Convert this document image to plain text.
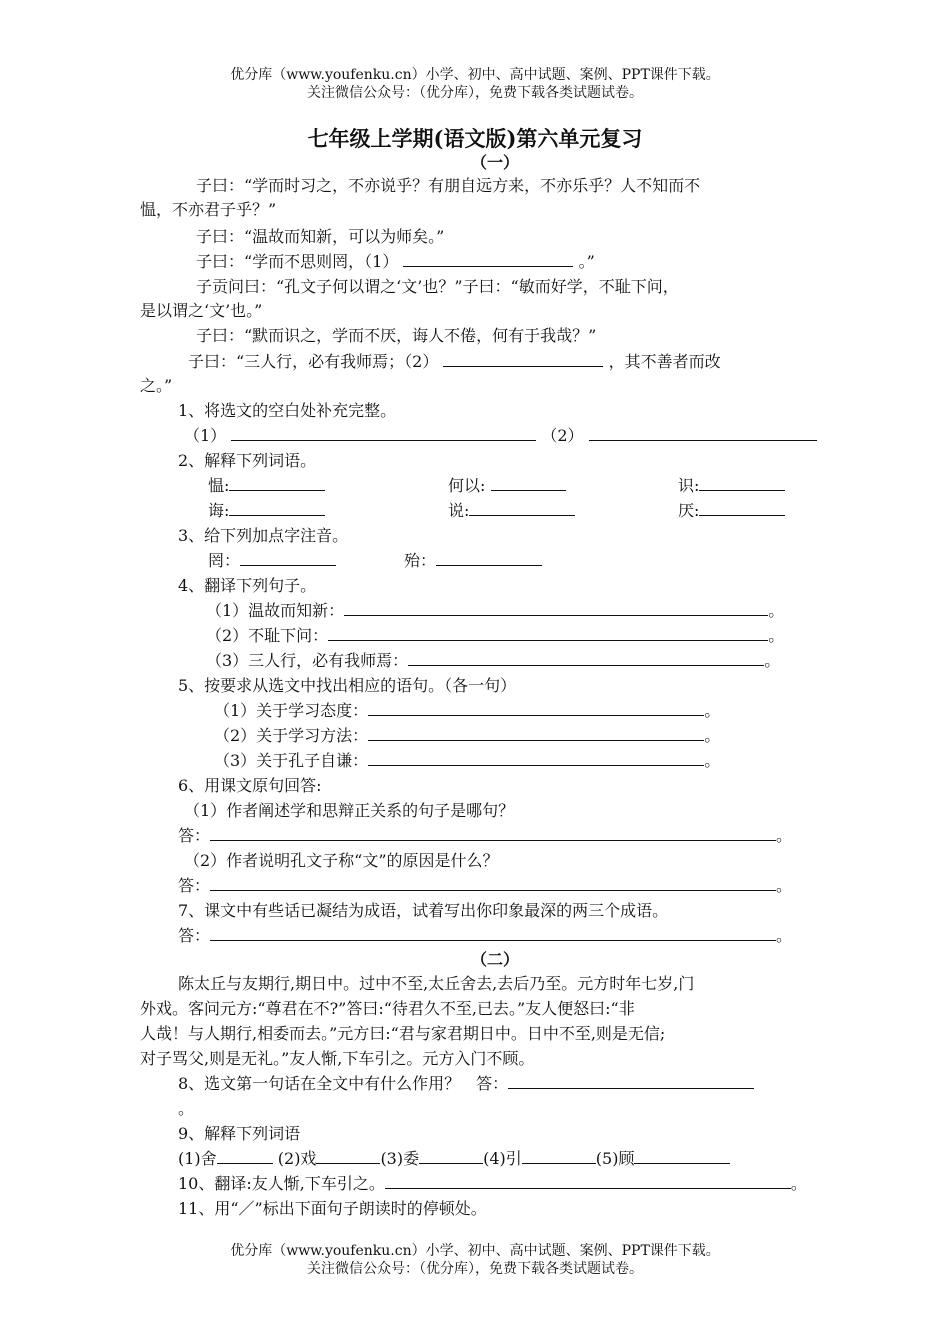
优分库（www.youfenku.cn）小学、初中、高中试题、案例、PPT课件下载。
关注微信公众号：（优分库），免费下载各类试题试卷。
七年级上学期(语文版)第六单元复习
（一）
子曰：“学而时习之，不亦说乎？有朋自远方来，不亦乐乎？人不知而不
愠，不亦君子乎？”
子曰：“温故而知新，可以为师矣。”
子曰：“学而不思则罔，（1）	。”
子贡问曰：“孔文子何以谓之‘文’也？”子曰：“敏而好学，不耻下问，
是以谓之‘文’也。”
子曰：“默而识之，学而不厌，诲人不倦，何有于我哉？”
子曰：“三人行，必有我师焉；（2）	，其不善者而改
之。”
1、将选文的空白处补充完整。
（1）	（2）
2、解释下列词语。
愠:	何以:	识:
诲:	说:	厌:
3、给下列加点字注音。
罔：	殆：
4、翻译下列句子。
（1）温故而知新：	。
（2）不耻下问：	。
（3）三人行，必有我师焉：	。
5、按要求从选文中找出相应的语句。（各一句）
（1）关于学习态度：	。
（2）关于学习方法：	。
（3）关于孔子自谦：	。
6、用课文原句回答:
（1）作者阐述学和思辩正关系的句子是哪句？
答：	。
（2）作者说明孔文子称“文”的原因是什么？
答：	。
7、课文中有些话已凝结为成语，试着写出你印象最深的两三个成语。
答：	。
（二）
陈太丘与友期行,期日中。过中不至,太丘舍去,去后乃至。元方时年七岁,门
外戏。客问元方:“尊君在不?”答曰:“待君久不至,已去。”友人便怒曰:“非
人哉！与人期行,相委而去。”元方曰:“君与家君期日中。日中不至,则是无信;
对子骂父,则是无礼。”友人惭,下车引之。元方入门不顾。
8、选文第一句话在全文中有什么作用？　答：
。
9、解释下列词语
(1)舍	(2)戏	(3)委	(4)引	(5)顾
10、翻译:友人惭,下车引之。	。
11、用“／”标出下面句子朗读时的停顿处。
优分库（www.youfenku.cn）小学、初中、高中试题、案例、PPT课件下载。
关注微信公众号：（优分库），免费下载各类试题试卷。
